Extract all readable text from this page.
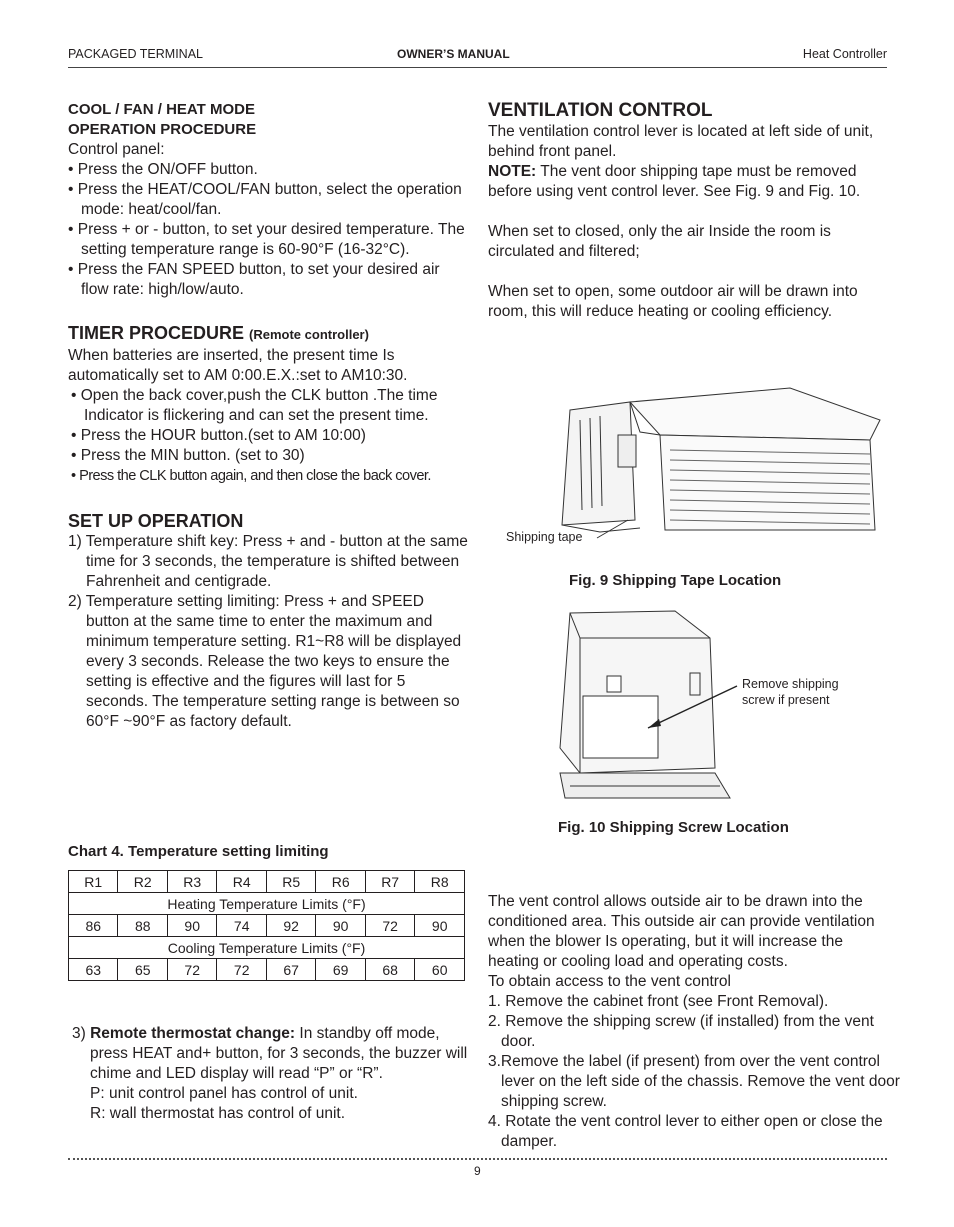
PACKAGED TERMINAL	OWNER’S MANUAL	Heat Controller

COOL / FAN / HEAT MODE

OPERATION PROCEDURE

Control panel:

• Press the ON/OFF button.

• Press the HEAT/COOL/FAN button, select the operation mode: heat/cool/fan.

• Press + or - button, to set your desired temperature. The setting temperature range is 60-90°F (16-32°C).

• Press the FAN SPEED button, to set your desired air flow rate: high/low/auto.

TIMER PROCEDURE (Remote controller)

When batteries are inserted, the present time Is automatically set to AM 0:00.E.X.:set to AM10:30.

• Open the back cover,push the CLK button .The time Indicator is flickering and can set the present time.

• Press the HOUR button.(set to AM 10:00)

• Press the MIN button. (set to 30)

• Press the CLK button again, and then close the back cover.

SET UP OPERATION

1) Temperature shift key: Press + and - button at the same time for 3 seconds, the temperature is shifted between Fahrenheit and centigrade.

2) Temperature setting limiting: Press + and SPEED button at the same time to enter the maximum and minimum temperature setting. R1~R8 will be displayed every 3 seconds. Release the two keys to ensure the setting is effective and the figures will last for 5 seconds. The temperature setting range is between so 60°F ~90°F as factory default.

Chart 4. Temperature setting limiting
R1	R2	R3	R4	R5	R6	R7	R8
Heating Temperature Limits (°F)							
86	88	90	74	92	90	72	90
Cooling Temperature Limits (°F)							
63	65	72	72	67	69	68	60

3) Remote thermostat change: In standby off mode, press HEAT and+ button, for 3 seconds, the buzzer will chime and LED display will read “P” or “R”.

P: unit control panel has control of unit.

R: wall thermostat has control of unit.

VENTILATION CONTROL

The ventilation control lever is located at left side of unit, behind front panel.

NOTE: The vent door shipping tape must be removed before using vent control lever. See Fig. 9 and Fig. 10.

When set to closed, only the air Inside the room is circulated and filtered;

When set to open, some outdoor air will be drawn into room, this will reduce heating or cooling efficiency.

Shipping tape
Fig. 9 Shipping Tape Location
Remove shipping
screw if present
Fig. 10 Shipping Screw Location

The vent control allows outside air to be drawn into the conditioned area. This outside air can provide ventilation when the blower Is operating, but it will increase the heating or cooling load and operating costs.

To obtain access to the vent control

1. Remove the cabinet front (see Front Removal).

2. Remove the shipping screw (if installed) from the vent door.

3.Remove the label (if present) from over the vent control lever on the left side of the chassis. Remove the vent door shipping screw.

4. Rotate the vent control lever to either open or close the damper.

9
